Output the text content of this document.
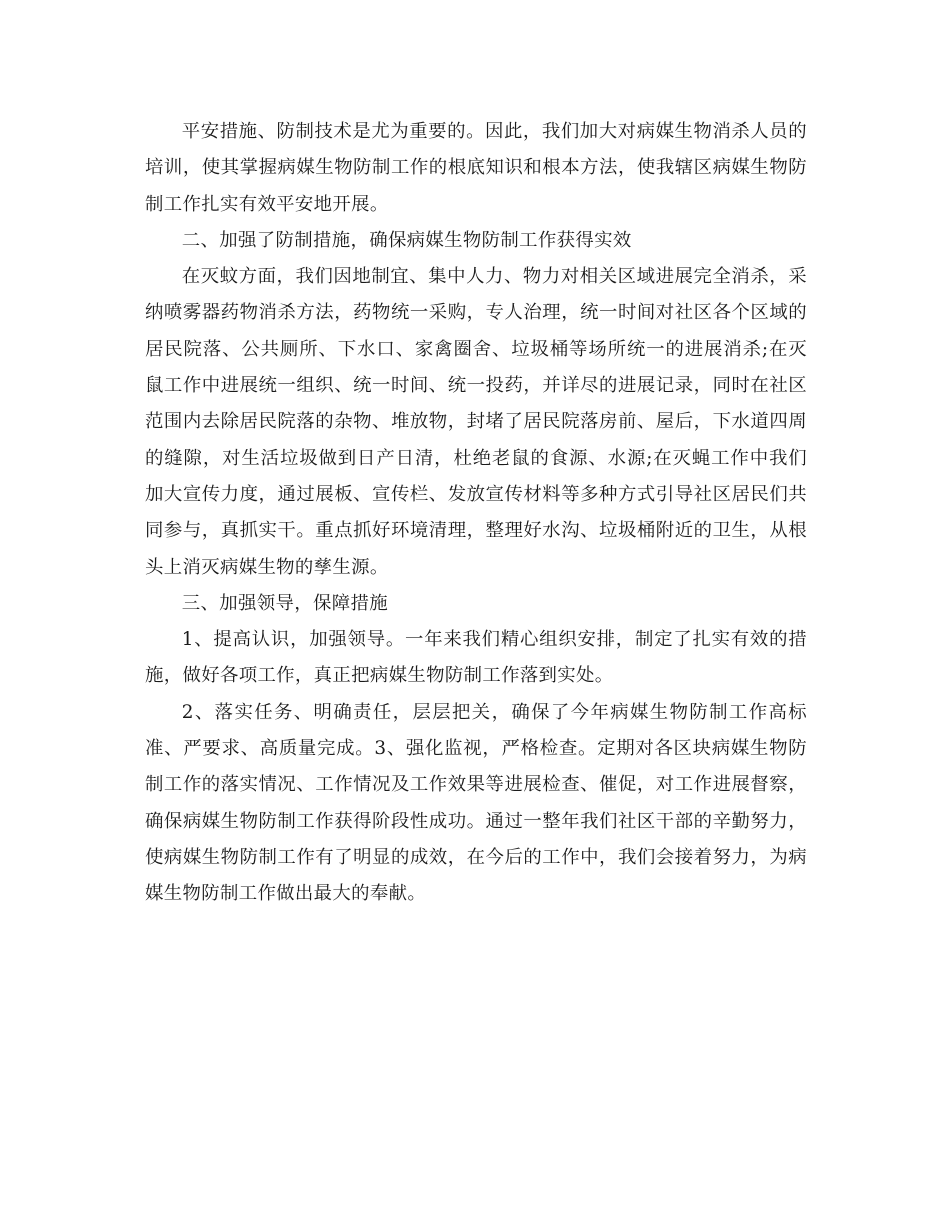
平安措施、防制技术是尤为重要的。因此，我们加大对病媒生物消杀人员的培训，使其掌握病媒生物防制工作的根底知识和根本方法，使我辖区病媒生物防制工作扎实有效平安地开展。

二、加强了防制措施，确保病媒生物防制工作获得实效

在灭蚊方面，我们因地制宜、集中人力、物力对相关区域进展完全消杀，采纳喷雾器药物消杀方法，药物统一采购，专人治理，统一时间对社区各个区域的居民院落、公共厕所、下水口、家禽圈舍、垃圾桶等场所统一的进展消杀;在灭鼠工作中进展统一组织、统一时间、统一投药，并详尽的进展记录，同时在社区范围内去除居民院落的杂物、堆放物，封堵了居民院落房前、屋后，下水道四周的缝隙，对生活垃圾做到日产日清，杜绝老鼠的食源、水源;在灭蝇工作中我们加大宣传力度，通过展板、宣传栏、发放宣传材料等多种方式引导社区居民们共同参与，真抓实干。重点抓好环境清理，整理好水沟、垃圾桶附近的卫生，从根头上消灭病媒生物的孳生源。

三、加强领导，保障措施

1、提高认识，加强领导。一年来我们精心组织安排，制定了扎实有效的措施，做好各项工作，真正把病媒生物防制工作落到实处。

2、落实任务、明确责任，层层把关，确保了今年病媒生物防制工作高标准、严要求、高质量完成。3、强化监视，严格检查。定期对各区块病媒生物防制工作的落实情况、工作情况及工作效果等进展检查、催促，对工作进展督察，确保病媒生物防制工作获得阶段性成功。通过一整年我们社区干部的辛勤努力，使病媒生物防制工作有了明显的成效，在今后的工作中，我们会接着努力，为病媒生物防制工作做出最大的奉献。
